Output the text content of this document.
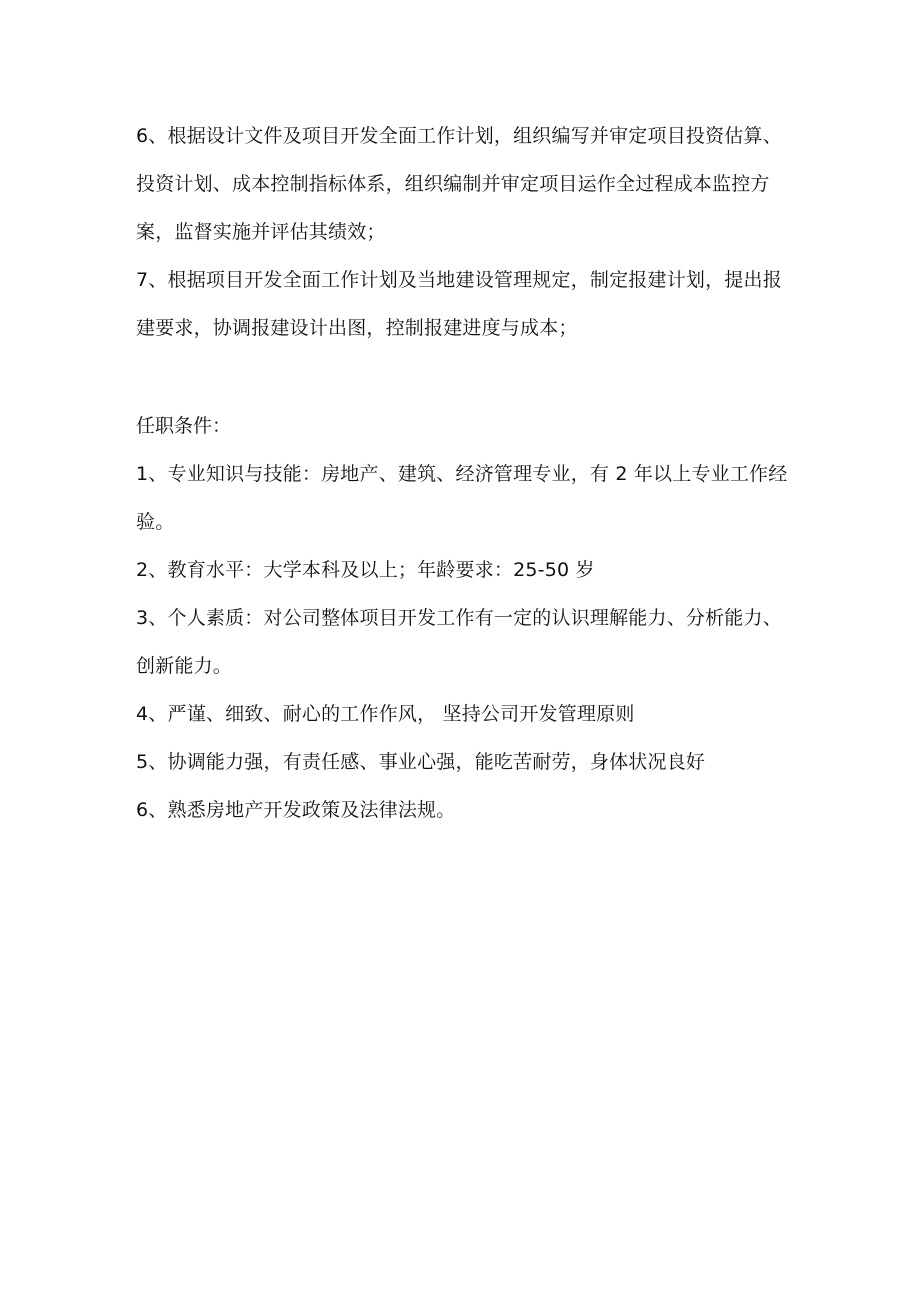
6、根据设计文件及项目开发全面工作计划，组织编写并审定项目投资估算、投资计划、成本控制指标体系，组织编制并审定项目运作全过程成本监控方案，监督实施并评估其绩效；

7、根据项目开发全面工作计划及当地建设管理规定，制定报建计划，提出报建要求，协调报建设计出图，控制报建进度与成本；

任职条件：

1、专业知识与技能：房地产、建筑、经济管理专业，有 2 年以上专业工作经验。

2、教育水平：大学本科及以上；年龄要求：25-50 岁

3、个人素质：对公司整体项目开发工作有一定的认识理解能力、分析能力、创新能力。

4、严谨、细致、耐心的工作作风， 坚持公司开发管理原则

5、协调能力强，有责任感、事业心强，能吃苦耐劳，身体状况良好

6、熟悉房地产开发政策及法律法规。
